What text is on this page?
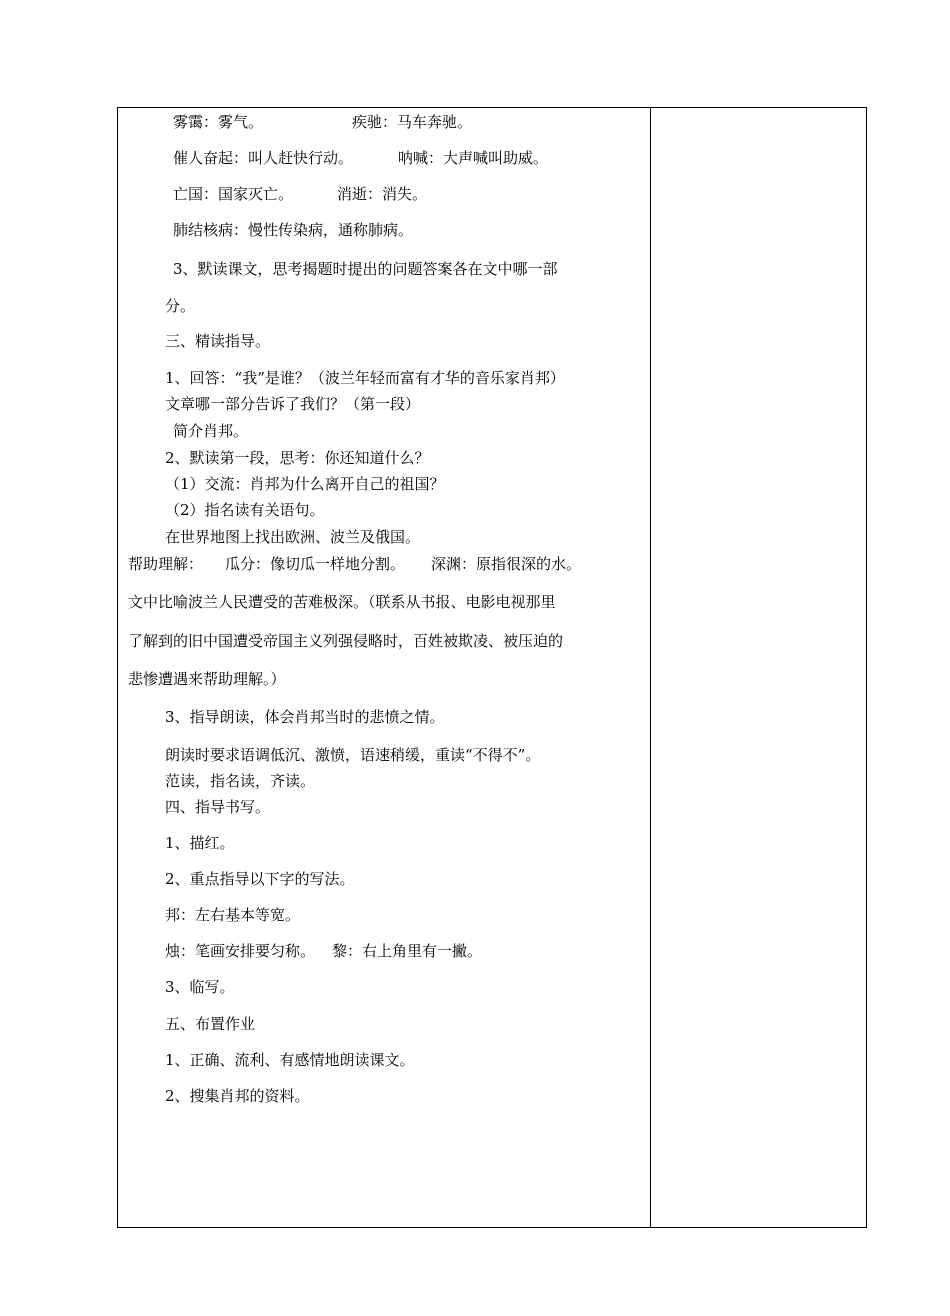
雾霭：雾气。	疾驰：马车奔驰。
催人奋起：叫人赶快行动。	呐喊：大声喊叫助威。
亡国：国家灭亡。	消逝：消失。
肺结核病：慢性传染病，通称肺病。
3、默读课文，思考揭题时提出的问题答案各在文中哪一部
分。
三、精读指导。
1、回答：“我”是谁？（波兰年轻而富有才华的音乐家肖邦）
文章哪一部分告诉了我们？（第一段）
简介肖邦。
2、默读第一段，思考：你还知道什么？
（1）交流：肖邦为什么离开自己的祖国？
（2）指名读有关语句。
在世界地图上找出欧洲、波兰及俄国。
帮助理解： 瓜分：像切瓜一样地分割。 深渊：原指很深的水。
文中比喻波兰人民遭受的苦难极深。（联系从书报、电影电视那里
了解到的旧中国遭受帝国主义列强侵略时，百姓被欺凌、被压迫的
悲惨遭遇来帮助理解。）
3、指导朗读，体会肖邦当时的悲愤之情。
朗读时要求语调低沉、激愤，语速稍缓，重读“不得不”。
范读，指名读，齐读。
四、指导书写。
1、描红。
2、重点指导以下字的写法。
邦：左右基本等宽。
烛：笔画安排要匀称。 黎：右上角里有一撇。
3、临写。
五、布置作业
1、正确、流利、有感情地朗读课文。
2、搜集肖邦的资料。
